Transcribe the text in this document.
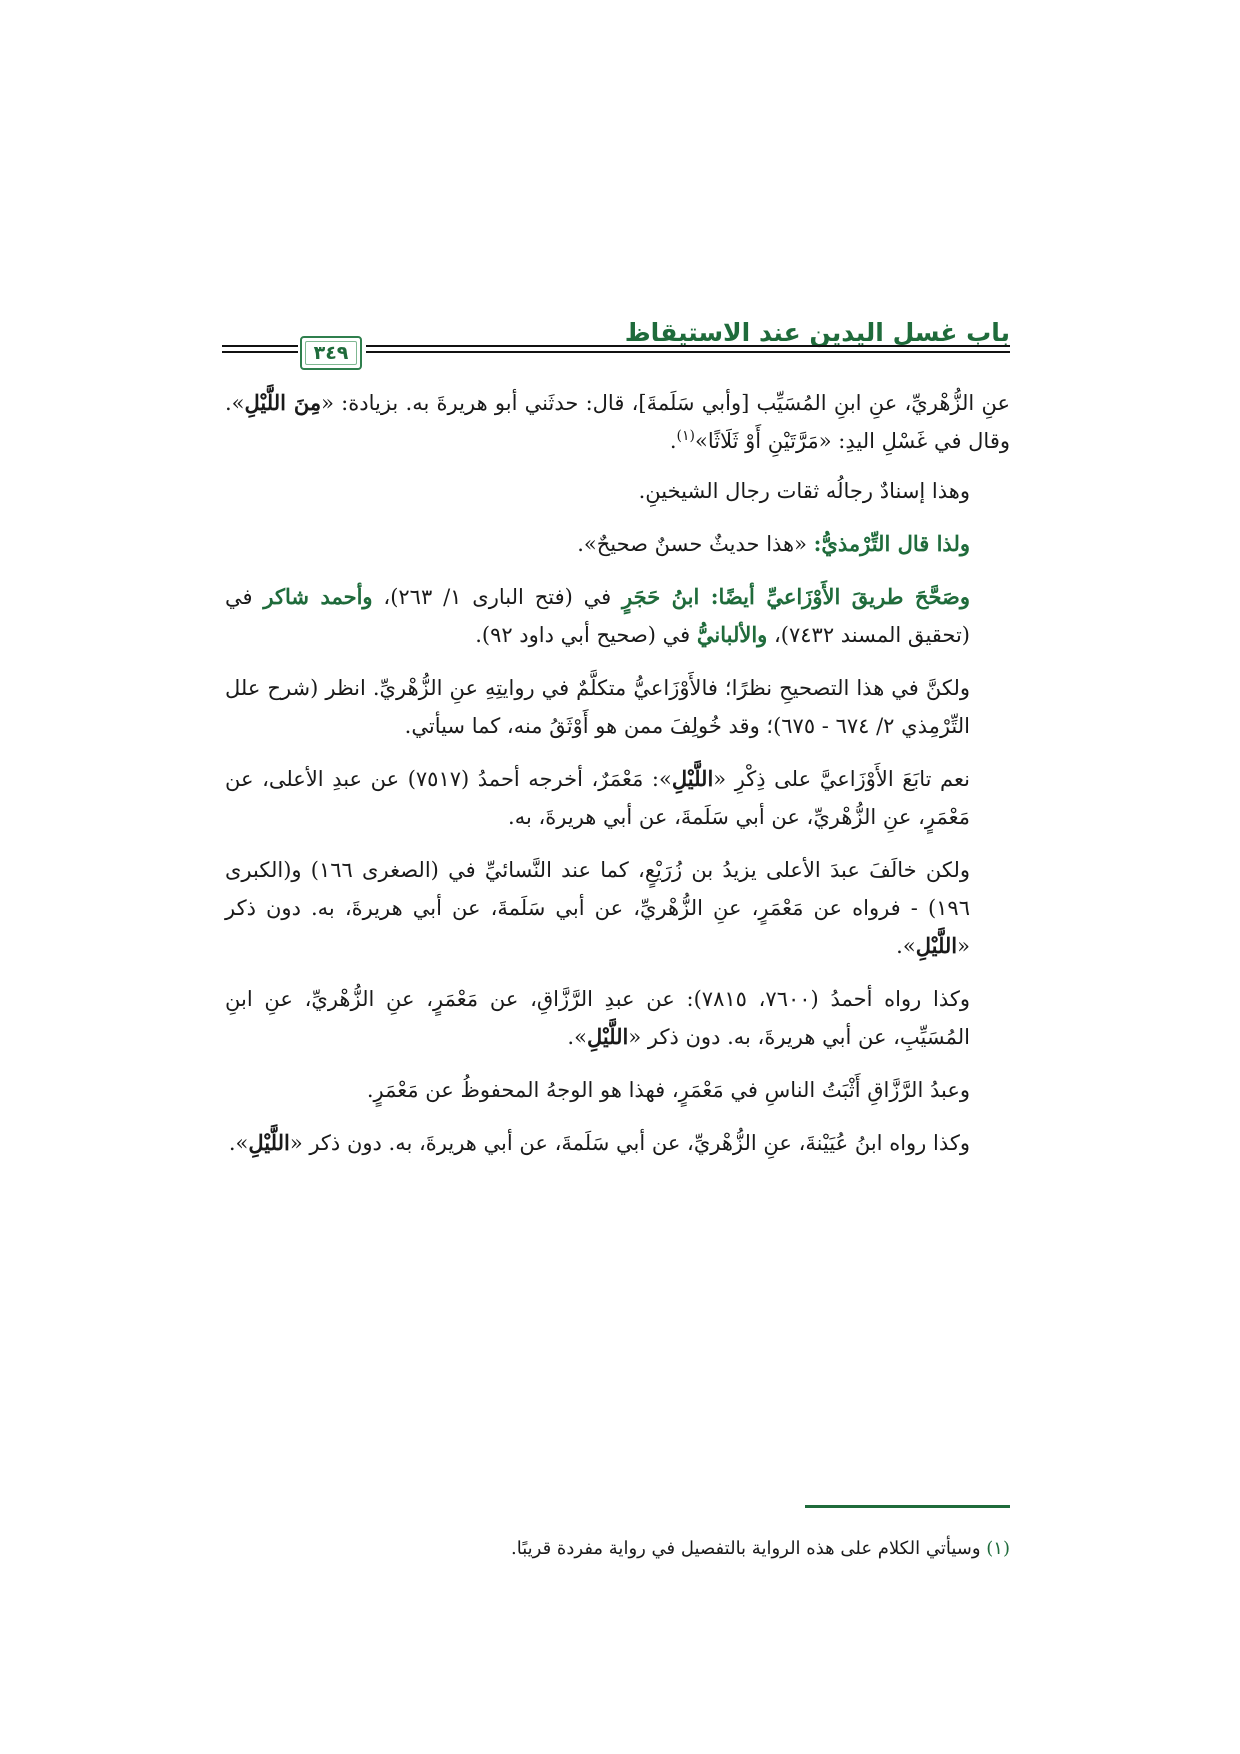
باب غسل اليدين عند الاستيقاظ
٣٤٩

عنِ الزُّهْريِّ، عنِ ابنِ المُسَيِّب [وأبي سَلَمةَ]، قال: حدثَني أبو هريرةَ به. بزيادة: «مِنَ اللَّيْلِ». وقال في غَسْلِ اليدِ: «مَرَّتَيْنِ أَوْ ثَلَاثًا»$^{(١)}$.

وهذا إسنادٌ رجالُه ثقات رجال الشيخينِ.

ولذا قال التِّرْمذيُّ: «هذا حديثٌ حسنٌ صحيحٌ».

وصَحَّحَ طريقَ الأَوْزَاعيِّ أيضًا: ابنُ حَجَرٍ في (فتح البارى ١/ ٢٦٣)، وأحمد شاكر في (تحقيق المسند ٧٤٣٢)، والألبانيُّ في (صحيح أبي داود ٩٢).

ولكنَّ في هذا التصحيحِ نظرًا؛ فالأَوْزَاعيُّ متكلَّمٌ في روايتِهِ عنِ الزُّهْريِّ. انظر (شرح علل التِّرْمِذي ٢/ ٦٧٤ - ٦٧٥)؛ وقد خُولِفَ ممن هو أَوْثَقُ منه، كما سيأتي.

نعم تابَعَ الأَوْزَاعيَّ على ذِكْرِ «اللَّيْلِ»: مَعْمَرٌ، أخرجه أحمدُ (٧٥١٧) عن عبدِ الأعلى، عن مَعْمَرٍ، عنِ الزُّهْريِّ، عن أبي سَلَمةَ، عن أبي هريرةَ، به.

ولكن خالَفَ عبدَ الأعلى يزيدُ بن زُرَيْعٍ، كما عند النَّسائيِّ في (الصغرى ١٦٦) و(الكبرى ١٩٦) - فرواه عن مَعْمَرٍ، عنِ الزُّهْريِّ، عن أبي سَلَمةَ، عن أبي هريرةَ، به. دون ذكر «اللَّيْلِ».

وكذا رواه أحمدُ (٧٦٠٠، ٧٨١٥): عن عبدِ الرَّزَّاقِ، عن مَعْمَرٍ، عنِ الزُّهْريِّ، عنِ ابنِ المُسَيِّبِ، عن أبي هريرةَ، به. دون ذكر «اللَّيْلِ».

وعبدُ الرَّزَّاقِ أَثْبَتُ الناسِ في مَعْمَرٍ، فهذا هو الوجهُ المحفوظُ عن مَعْمَرٍ.

وكذا رواه ابنُ عُيَيْنةَ، عنِ الزُّهْريِّ، عن أبي سَلَمةَ، عن أبي هريرةَ، به. دون ذكر «اللَّيْلِ».

(١) وسيأتي الكلام على هذه الرواية بالتفصيل في رواية مفردة قريبًا.
